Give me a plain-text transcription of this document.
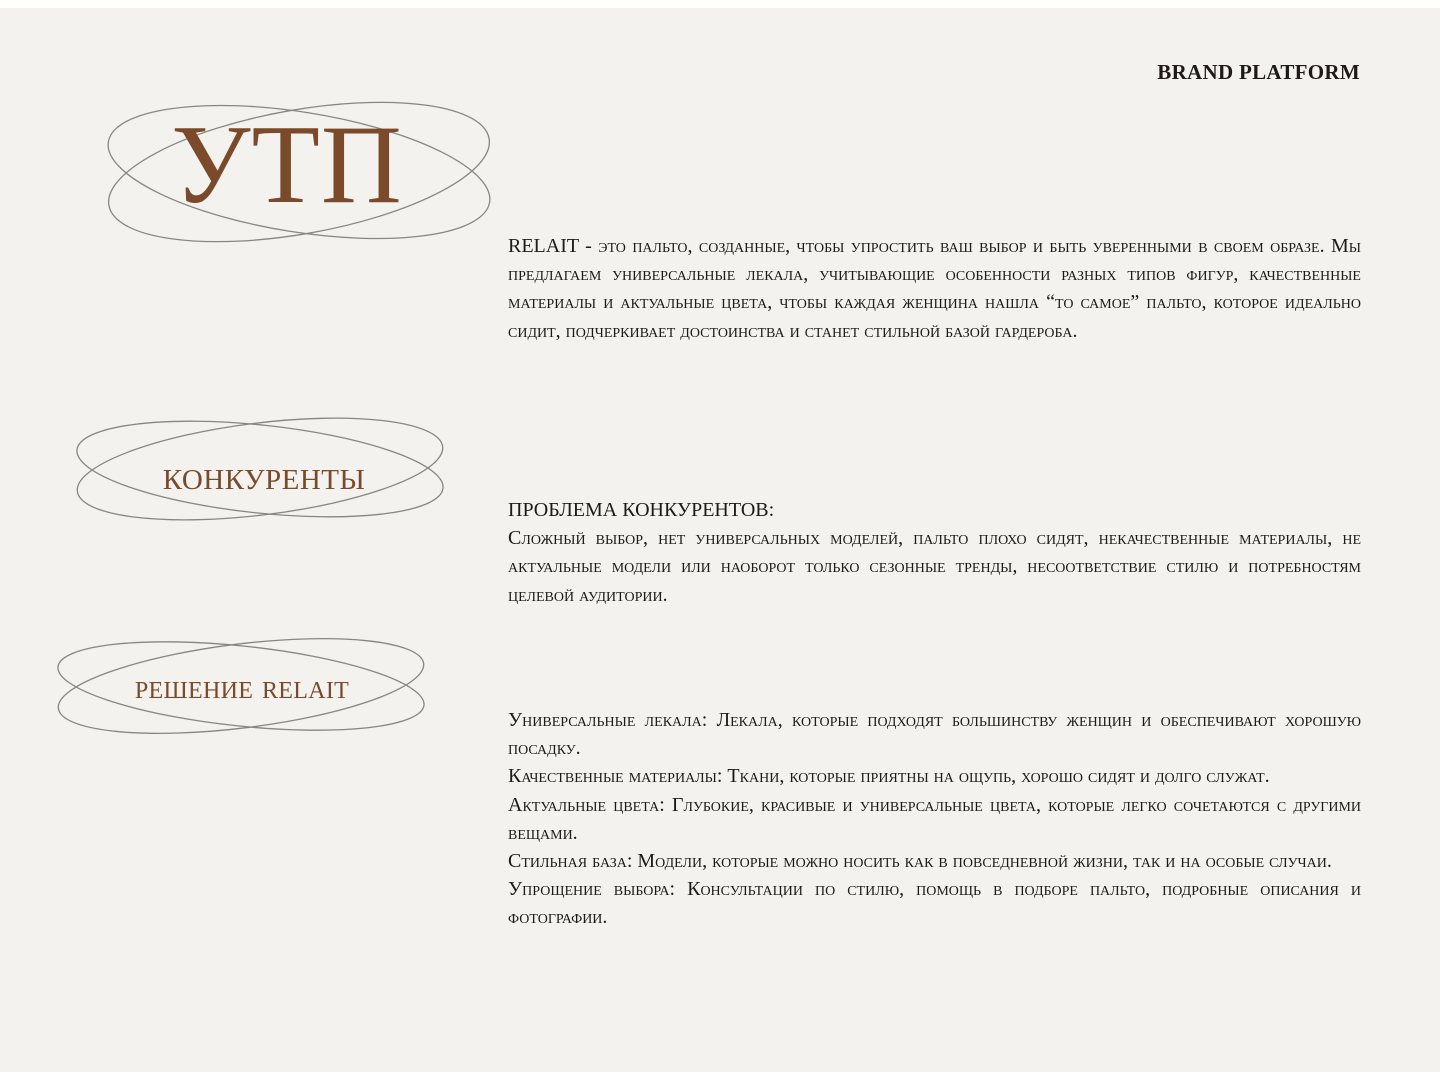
BRAND PLATFORM
УТП

RELAIT - это пальто, созданные, чтобы упростить ваш выбор и быть уверенными в своем образе. Мы предлагаем универсальные лекала, учитывающие особенности разных типов фигур, качественные материалы и актуальные цвета, чтобы каждая женщина нашла “то самое” пальто, которое идеально сидит, подчеркивает достоинства и станет стильной базой гардероба.

конкуренты

ПРОБЛЕМА КОНКУРЕНТОВ:

Сложный выбор, нет универсальных моделей, пальто плохо сидят, некачественные материалы, не актуальные модели или наоборот только сезонные тренды, несоответствие стилю и потребностям целевой аудитории.

решение relait

Универсальные лекала: Лекала, которые подходят большинству женщин и обеспечивают хорошую посадку.

Качественные материалы: Ткани, которые приятны на ощупь, хорошо сидят и долго служат.

Актуальные цвета: Глубокие, красивые и универсальные цвета, которые легко сочетаются с другими вещами.

Стильная база: Модели, которые можно носить как в повседневной жизни, так и на особые случаи.

Упрощение выбора: Консультации по стилю, помощь в подборе пальто, подробные описания и фотографии.
